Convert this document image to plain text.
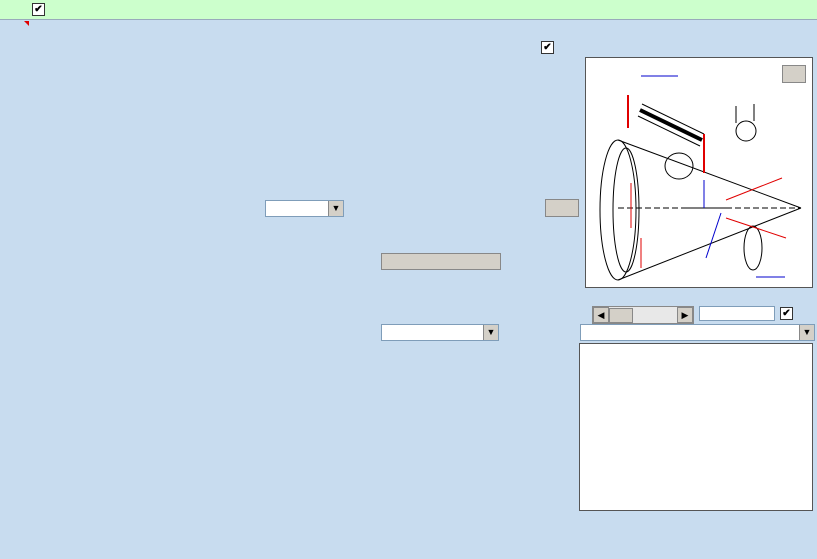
✔
▼
▼
✔
◀	▶	✔
▼
